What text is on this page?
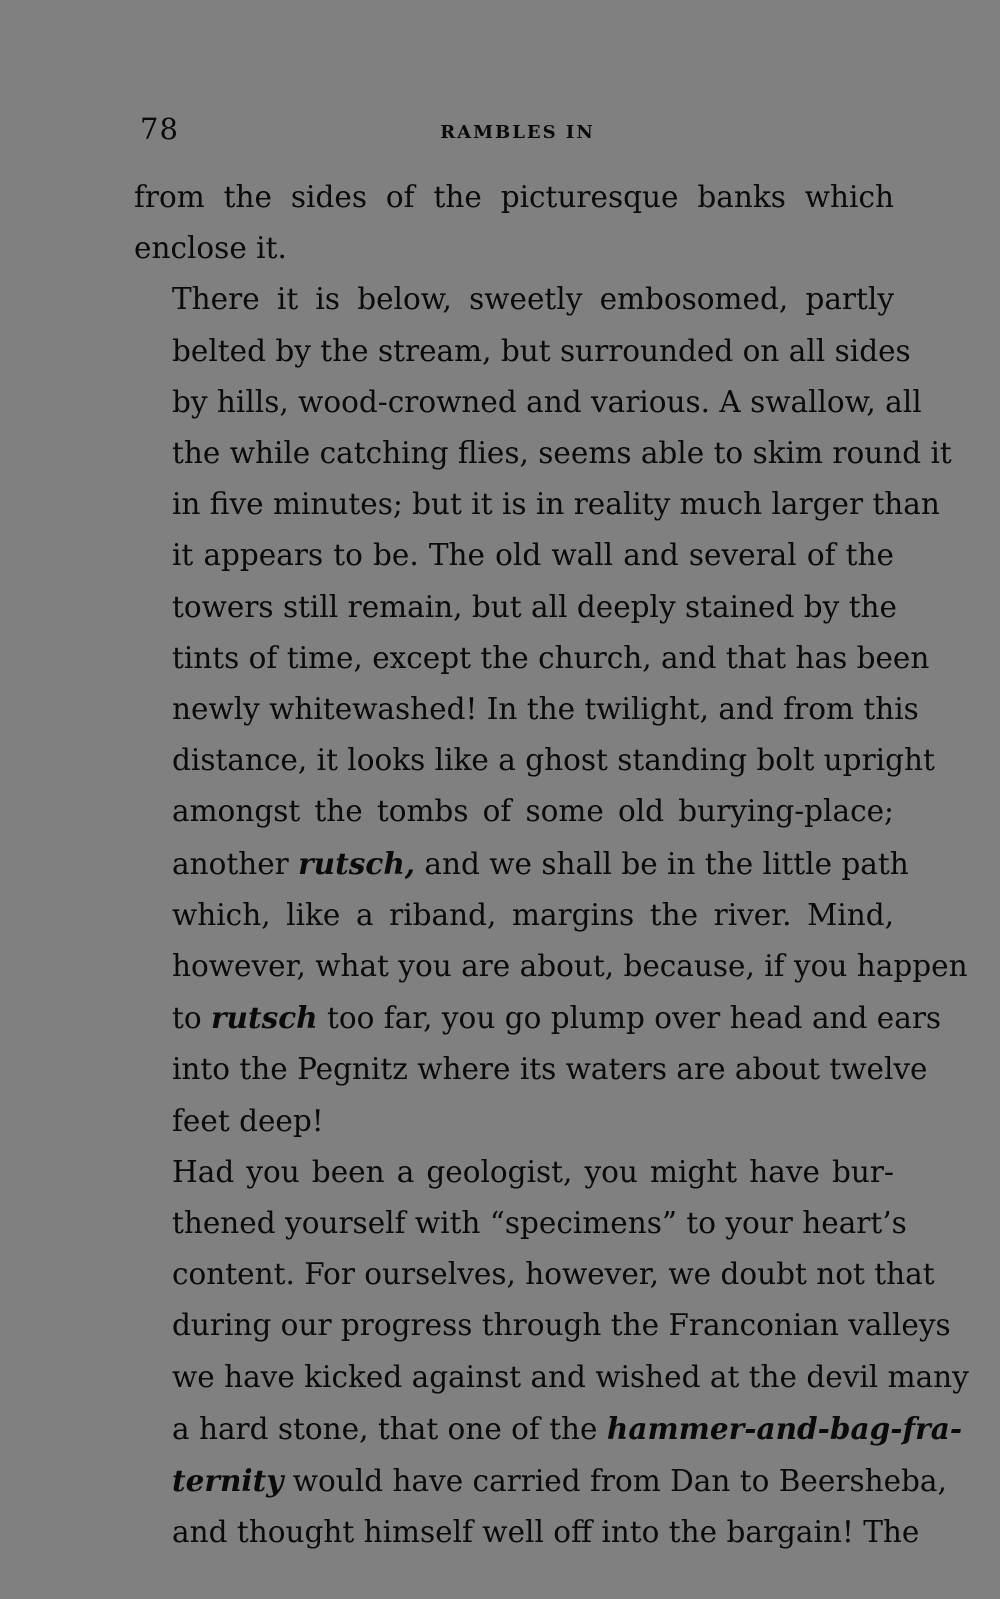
78	RAMBLES IN

from the sides of the picturesque banks which
enclose it.

There it is below, sweetly embosomed, partly
belted by the stream, but surrounded on all sides
by hills, wood-crowned and various. A swallow, all
the while catching flies, seems able to skim round it
in five minutes; but it is in reality much larger than
it appears to be. The old wall and several of the
towers still remain, but all deeply stained by the
tints of time, except the church, and that has been
newly whitewashed! In the twilight, and from this
distance, it looks like a ghost standing bolt upright
amongst the tombs of some old burying-place;
another rutsch, and we shall be in the little path
which, like a riband, margins the river. Mind,
however, what you are about, because, if you happen
to rutsch too far, you go plump over head and ears
into the Pegnitz where its waters are about twelve
feet deep!

Had you been a geologist, you might have bur-
thened yourself with “specimens” to your heart’s
content. For ourselves, however, we doubt not that
during our progress through the Franconian valleys
we have kicked against and wished at the devil many
a hard stone, that one of the hammer-and-bag-fra-
ternity would have carried from Dan to Beersheba,
and thought himself well off into the bargain! The
